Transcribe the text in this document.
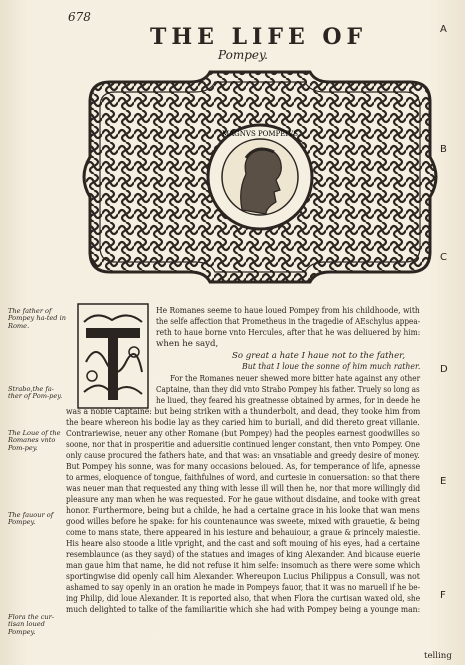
678
THE LIFE OF
Pompey.
A
B
C
D
E
F
MAGNVS POMPEIVS
The father of Pompey ha-ted in Rome.
Strabo,the fa-ther of Pom-pey.
The Loue of the Romanes vnto Pom-pey.
The fauour of Pompey.
Flora the cur-tisan loued Pompey.
He Romanes seeme to haue loued Pompey from his childhoode, with
the selfe affection that Prometheus in the tragedie of AEschylus appea-
reth to haue borne vnto Hercules, after that he was deliuered by him:
when he sayd,
So great a hate I haue not to the father,
But that I loue the sonne of him much rather.
For the Romanes neuer shewed more bitter hate against any other
Captaine, than they did vnto Strabo Pompey his father. Truely so long as
he liued, they feared his greatnesse obtained by armes, for in deede he
was a noble Captaine: but being striken with a thunderbolt, and dead, they tooke him from
the beare whereon his bodie lay as they caried him to buriall, and did thereto great villanie.
Contrariewise, neuer any other Romane (but Pompey) had the peoples earnest goodwilles so
soone, nor that in prosperitie and aduersitie continued lenger constant, then vnto Pompey. One
only cause procured the fathers hate, and that was: an vnsatiable and greedy desire of money.
But Pompey his sonne, was for many occasions beloued. As, for temperance of life, apnesse
to armes, eloquence of tongue, faithfulnes of word, and curtesie in conuersation: so that there
was neuer man that requested any thing with lesse ill will then he, nor that more willingly did
pleasure any man when he was requested. For he gaue without disdaine, and tooke with great
honor. Furthermore, being but a childe, he had a certaine grace in his looke that wan mens
good willes before he spake: for his countenaunce was sweete, mixed with grauetie, & being
come to mans state, there appeared in his iesture and behauiour, a graue & princely maiestie.
His heare also stoode a litle vpright, and the cast and soft mouing of his eyes, had a certaine
resemblaunce (as they sayd) of the statues and images of king Alexander. And bicause euerie
man gaue him that name, he did not refuse it him selfe: insomuch as there were some which
sportingwise did openly call him Alexander. Whereupon Lucius Philippus a Consull, was not
ashamed to say openly in an oration he made in Pompeys fauor, that it was no maruell if he be-
ing Philip, did loue Alexander. It is reported also, that when Flora the curtisan waxed old, she
much delighted to talke of the familiaritie which she had with Pompey being a younge man:
telling
